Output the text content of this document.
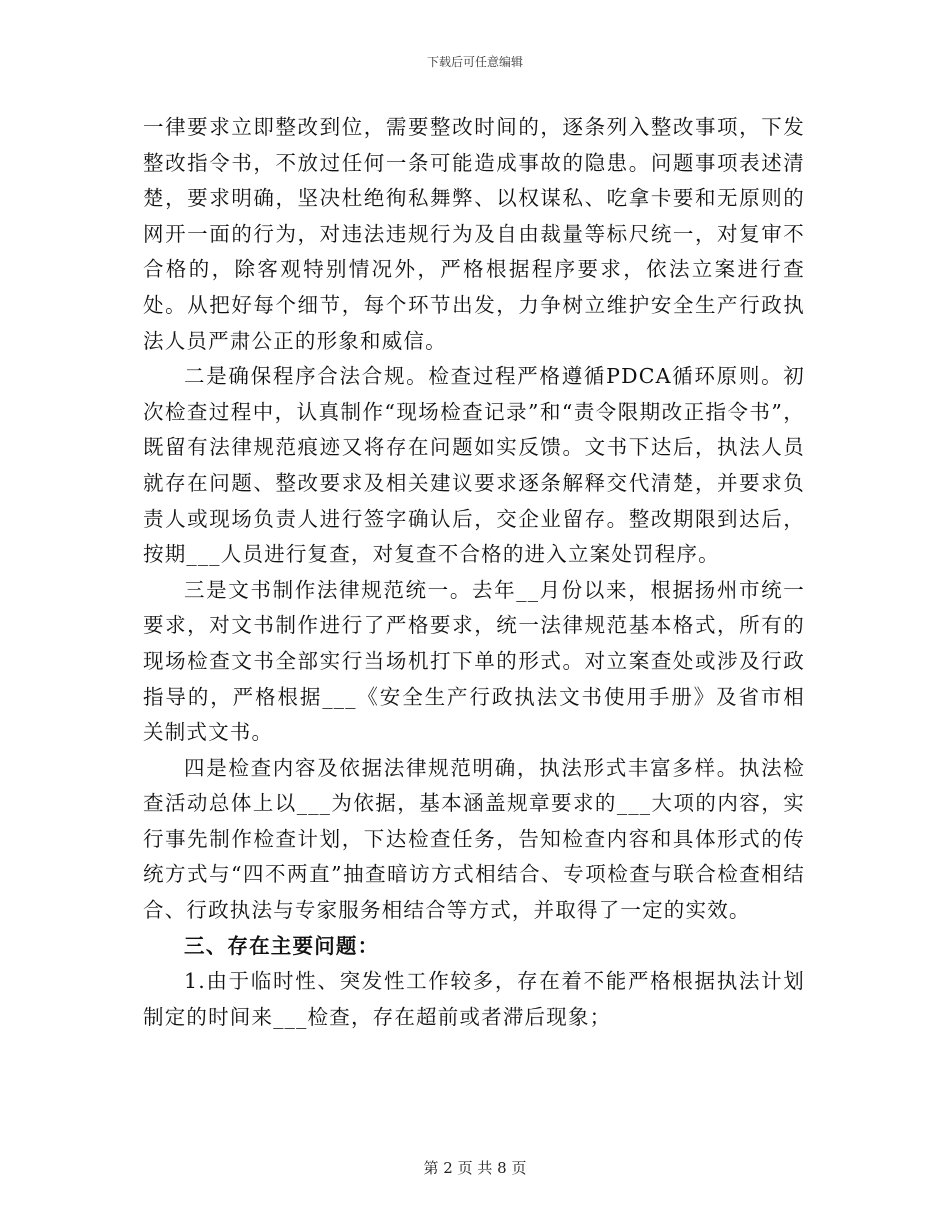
下载后可任意编辑

一律要求立即整改到位，需要整改时间的，逐条列入整改事项，下发整改指令书，不放过任何一条可能造成事故的隐患。问题事项表述清楚，要求明确，坚决杜绝徇私舞弊、以权谋私、吃拿卡要和无原则的网开一面的行为，对违法违规行为及自由裁量等标尺统一，对复审不合格的，除客观特别情况外，严格根据程序要求，依法立案进行查处。从把好每个细节，每个环节出发，力争树立维护安全生产行政执法人员严肃公正的形象和威信。

二是确保程序合法合规。检查过程严格遵循PDCA循环原则。初次检查过程中，认真制作“现场检查记录”和“责令限期改正指令书”，既留有法律规范痕迹又将存在问题如实反馈。文书下达后，执法人员就存在问题、整改要求及相关建议要求逐条解释交代清楚，并要求负责人或现场负责人进行签字确认后，交企业留存。整改期限到达后，按期___人员进行复查，对复查不合格的进入立案处罚程序。

三是文书制作法律规范统一。去年__月份以来，根据扬州市统一要求，对文书制作进行了严格要求，统一法律规范基本格式，所有的现场检查文书全部实行当场机打下单的形式。对立案查处或涉及行政指导的，严格根据___《安全生产行政执法文书使用手册》及省市相关制式文书。

四是检查内容及依据法律规范明确，执法形式丰富多样。执法检查活动总体上以___为依据，基本涵盖规章要求的___大项的内容，实行事先制作检查计划，下达检查任务，告知检查内容和具体形式的传统方式与“四不两直”抽查暗访方式相结合、专项检查与联合检查相结合、行政执法与专家服务相结合等方式，并取得了一定的实效。

三、存在主要问题：

1.由于临时性、突发性工作较多，存在着不能严格根据执法计划制定的时间来___检查，存在超前或者滞后现象；

第 2 页 共 8 页
